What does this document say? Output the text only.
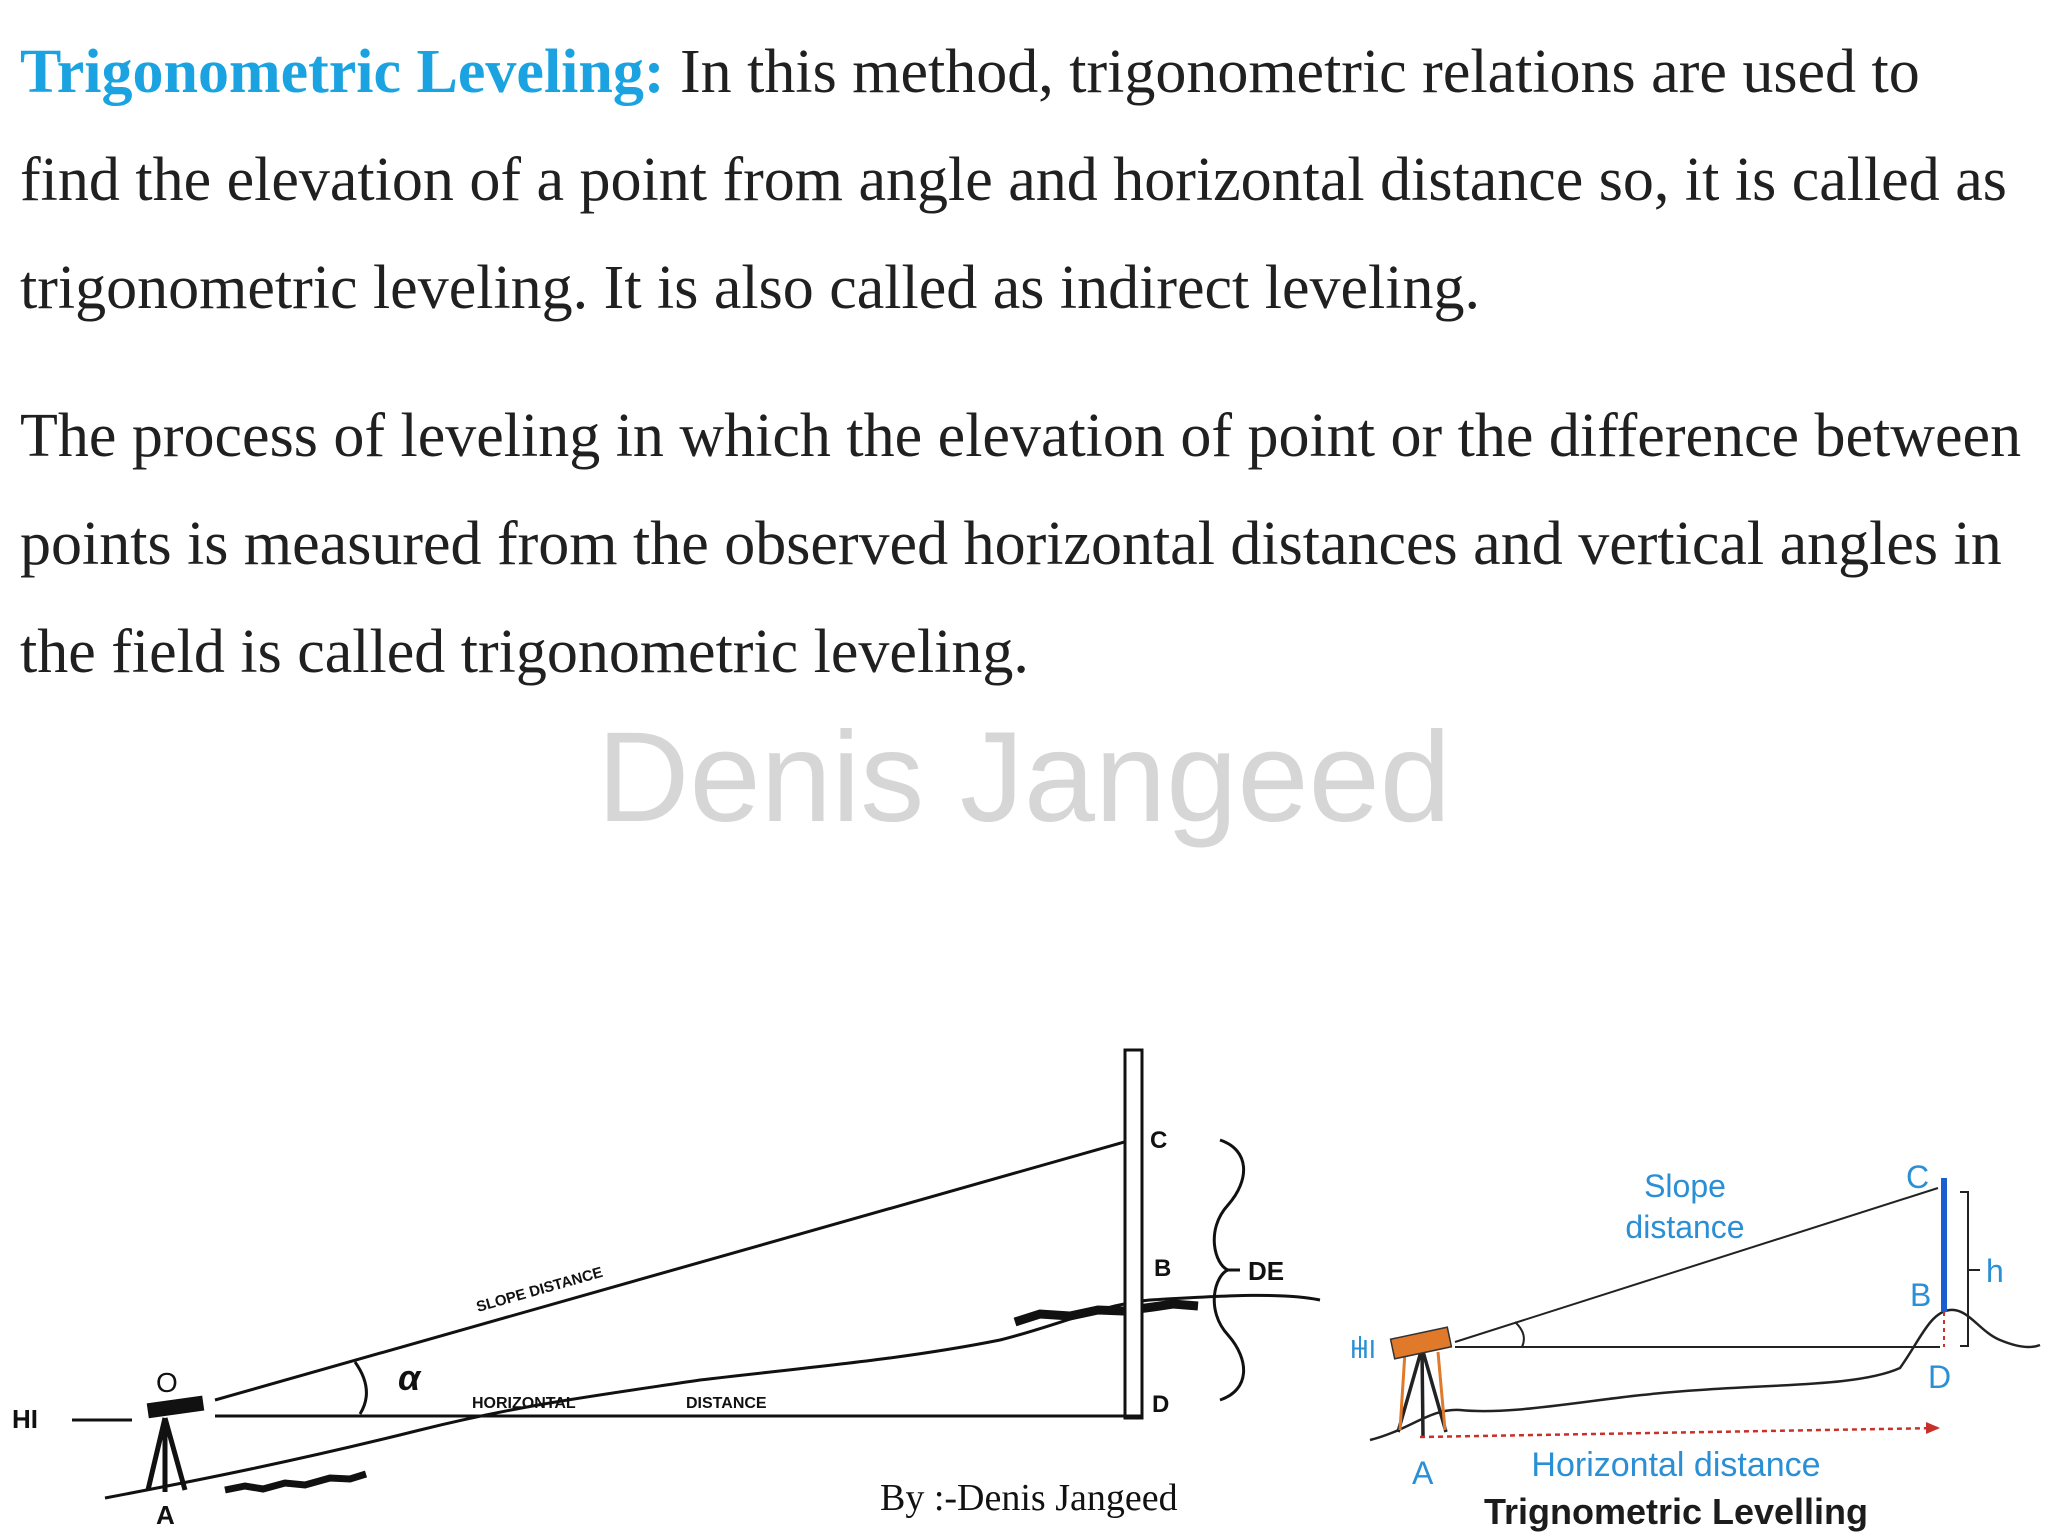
Trigonometric Leveling: In this method, trigonometric relations are used to find the elevation of a point from angle and horizontal distance so, it is called as trigonometric leveling. It is also called as indirect leveling.

The process of leveling in which the elevation of point or the difference between points is measured from the observed horizontal distances and vertical angles in the field is called trigonometric leveling.

Denis Jangeed
HI
O
A
α
C
B
D
DE
SLOPE DISTANCE
HORIZONTAL	DISTANCE
HI
Slope
distance
C
B
D
h
A	Horizontal distance
Trignometric Levelling
By :-Denis Jangeed
